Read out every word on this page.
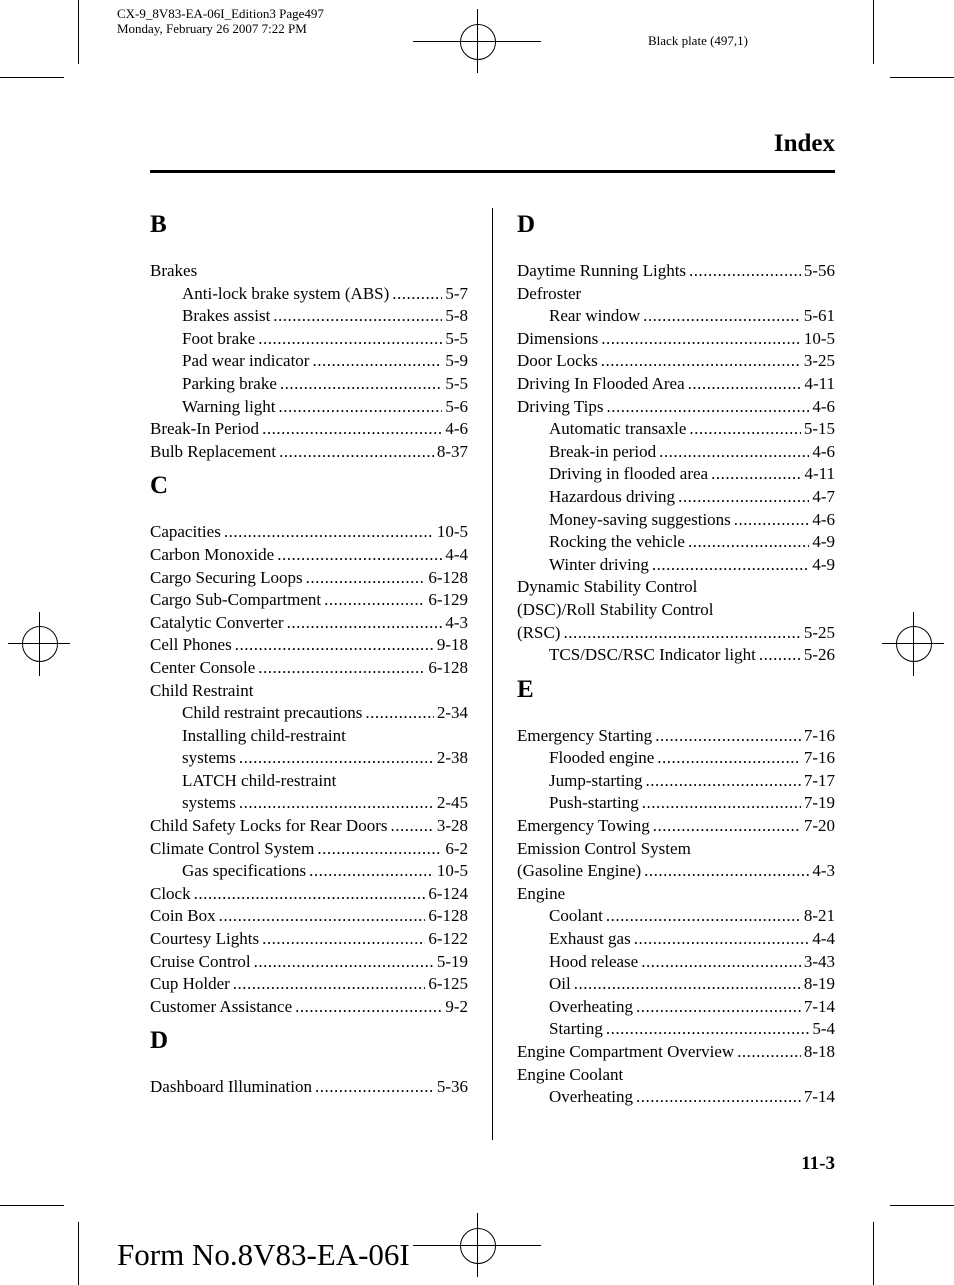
CX-9_8V83-EA-06I_Edition3 Page497
Monday, February 26 2007 7:22 PM
Black plate (497,1)
Index
B
Brakes
Anti-lock brake system (ABS) .....	5-7
Brakes assist .....	5-8
Foot brake .....	5-5
Pad wear indicator .....	5-9
Parking brake .....	5-5
Warning light .....	5-6
Break-In Period .....	4-6
Bulb Replacement .....	8-37
C
Capacities .....	10-5
Carbon Monoxide .....	4-4
Cargo Securing Loops .....	6-128
Cargo Sub-Compartment .....	6-129
Catalytic Converter .....	4-3
Cell Phones .....	9-18
Center Console .....	6-128
Child Restraint
Child restraint precautions .....	2-34
Installing child-restraint
systems .....	2-38
LATCH child-restraint
systems .....	2-45
Child Safety Locks for Rear Doors .....	3-28
Climate Control System .....	6-2
Gas specifications .....	10-5
Clock .....	6-124
Coin Box .....	6-128
Courtesy Lights .....	6-122
Cruise Control .....	5-19
Cup Holder .....	6-125
Customer Assistance .....	9-2
D
Dashboard Illumination .....	5-36
D
Daytime Running Lights .....	5-56
Defroster
Rear window .....	5-61
Dimensions .....	10-5
Door Locks .....	3-25
Driving In Flooded Area .....	4-11
Driving Tips .....	4-6
Automatic transaxle .....	5-15
Break-in period .....	4-6
Driving in flooded area .....	4-11
Hazardous driving .....	4-7
Money-saving suggestions .....	4-6
Rocking the vehicle .....	4-9
Winter driving .....	4-9
Dynamic Stability Control
(DSC)/Roll Stability Control
(RSC) .....	5-25
TCS/DSC/RSC Indicator light .....	5-26
E
Emergency Starting .....	7-16
Flooded engine .....	7-16
Jump-starting .....	7-17
Push-starting .....	7-19
Emergency Towing .....	7-20
Emission Control System
(Gasoline Engine) .....	4-3
Engine
Coolant .....	8-21
Exhaust gas .....	4-4
Hood release .....	3-43
Oil .....	8-19
Overheating .....	7-14
Starting .....	5-4
Engine Compartment Overview .....	8-18
Engine Coolant
Overheating .....	7-14
11-3
Form No.8V83-EA-06I
